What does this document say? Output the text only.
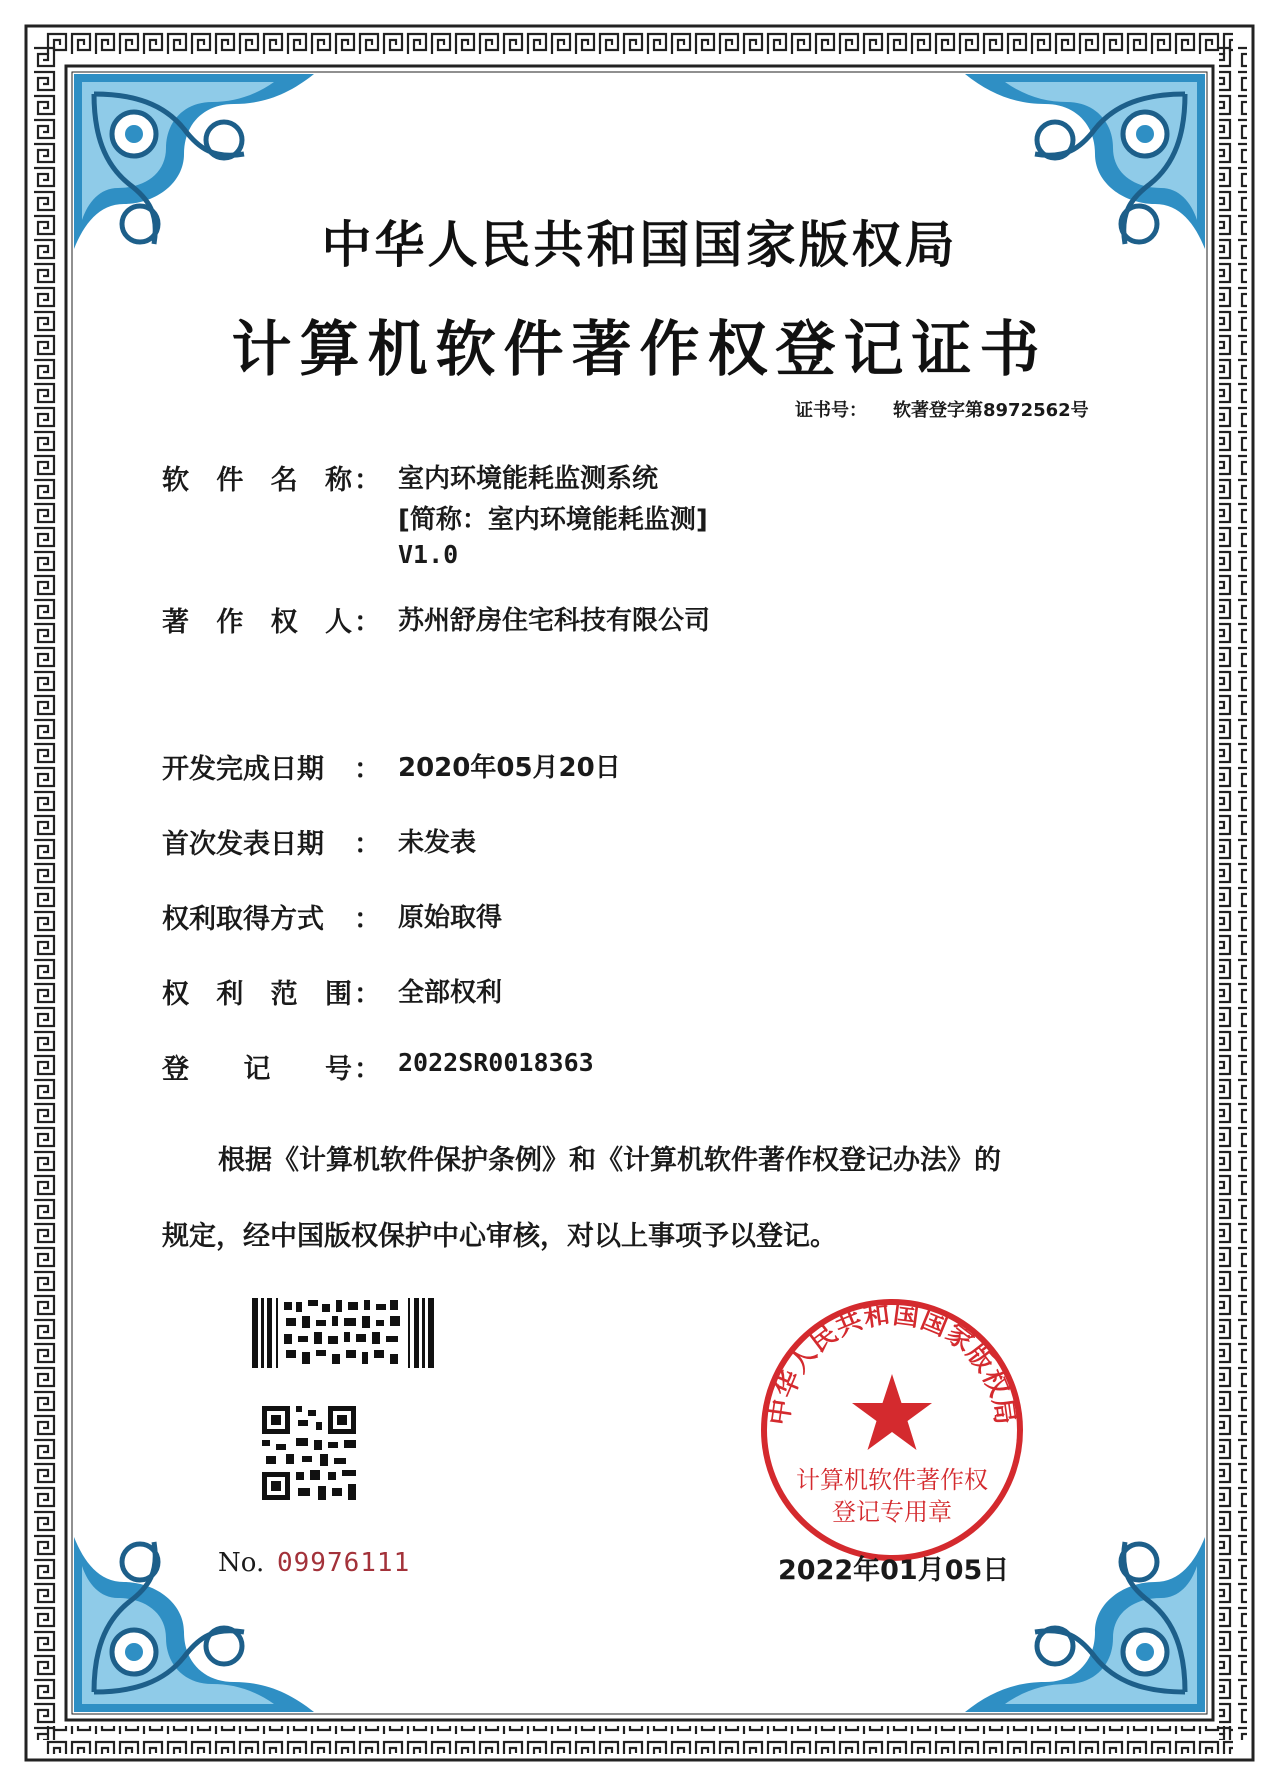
中华人民共和国国家版权局
计算机软件著作权登记证书
证书号： 软著登字第8972562号
软件名称 ： 室内环境能耗监测系统
[简称：室内环境能耗监测]
V1.0
著作权人 ： 苏州舒房住宅科技有限公司
开发完成日期	： 2020年05月20日
首次发表日期	： 未发表
权利取得方式	： 原始取得
权利范围 ： 全部权利
登记号 ： 2022SR0018363
根据《计算机软件保护条例》和《计算机软件著作权登记办法》的
规定，经中国版权保护中心审核，对以上事项予以登记。
No. 09976111
中华人民共和国国家版权局
计算机软件著作权
登记专用章
2022年01月05日
